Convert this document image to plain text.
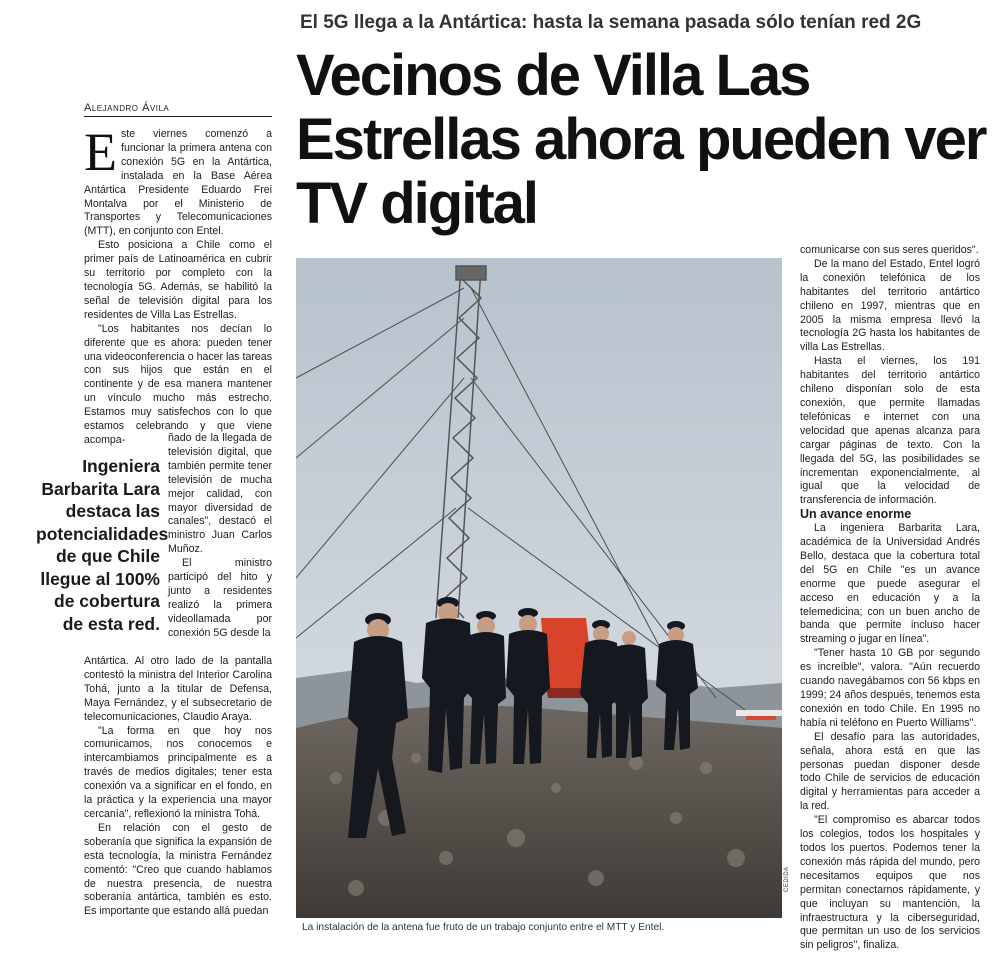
El 5G llega a la Antártica: hasta la semana pasada sólo tenían red 2G
Vecinos de Villa Las Estrellas ahora pueden ver TV digital
Alejandro Ávila

Este viernes comenzó a funcionar la primera antena con conexión 5G en la Antártica, instalada en la Base Aérea Antártica Presidente Eduardo Frei Montalva por el Ministerio de Transportes y Telecomunicaciones (MTT), en conjunto con Entel.

Esto posiciona a Chile como el primer país de Latinoamérica en cubrir su territorio por completo con la tecnología 5G. Además, se habilitó la señal de televisión digital para los residentes de Villa Las Estrellas.

"Los habitantes nos decían lo diferente que es ahora: pueden tener una videoconferencia o hacer las tareas con sus hijos que están en el continente y de esa manera mantener un vínculo mucho más estrecho. Estamos muy satisfechos con lo que estamos celebrando y que viene acompa-

Ingeniera Barbarita Lara destaca las potencialidades de que Chile llegue al 100% de cobertura de esta red.

ñado de la llegada de televisión digital, que también permite tener televisión de mucha mejor calidad, con mayor diversidad de canales", destacó el ministro Juan Carlos Muñoz.

El ministro participó del hito y junto a residentes realizó la primera videollamada por conexión 5G desde la

Antártica. Al otro lado de la pantalla contestó la ministra del Interior Carolina Tohá, junto a la titular de Defensa, Maya Fernández, y el subsecretario de telecomunicaciones, Claudio Araya.

"La forma en que hoy nos comunicamos, nos conocemos e intercambiamos principalmente es a través de medios digitales; tener esta conexión va a significar en el fondo, en la práctica y la experiencia una mayor cercanía", reflexionó la ministra Tohá.

En relación con el gesto de soberanía que significa la expansión de esta tecnología, la ministra Fernández comentó: "Creo que cuando hablamos de nuestra presencia, de nuestra soberanía antártica, también es esto. Es importante que estando allá puedan

CEDIDA
La instalación de la antena fue fruto de un trabajo conjunto entre el MTT y Entel.

comunicarse con sus seres queridos".

De la mano del Estado, Entel logró la conexión telefónica de los habitantes del territorio antártico chileno en 1997, mientras que en 2005 la misma empresa llevó la tecnología 2G hasta los habitantes de villa Las Estrellas.

Hasta el viernes, los 191 habitantes del territorio antártico chileno disponían solo de esta conexión, que permite llamadas telefónicas e internet con una velocidad que apenas alcanza para cargar páginas de texto. Con la llegada del 5G, las posibilidades se incrementan exponencialmente, al igual que la velocidad de transferencia de información.

Un avance enorme

La ingeniera Barbarita Lara, académica de la Universidad Andrés Bello, destaca que la cobertura total del 5G en Chile "es un avance enorme que puede asegurar el acceso en educación y a la telemedicina; con un buen ancho de banda que permite incluso hacer streaming o jugar en línea".

"Tener hasta 10 GB por segundo es increíble", valora. "Aún recuerdo cuando navegábamos con 56 kbps en 1999; 24 años después, tenemos esta conexión en todo Chile. En 1995 no había ni teléfono en Puerto Williams".

El desafío para las autoridades, señala, ahora está en que las personas puedan disponer desde todo Chile de servicios de educación digital y herramientas para acceder a la red.

"El compromiso es abarcar todos los colegios, todos los hospitales y todos los puertos. Podemos tener la conexión más rápida del mundo, pero necesitamos equipos que nos permitan conectarnos rápidamente, y que incluyan su mantención, la infraestructura y la ciberseguridad, que permitan un uso de los servicios sin peligros", finaliza.
